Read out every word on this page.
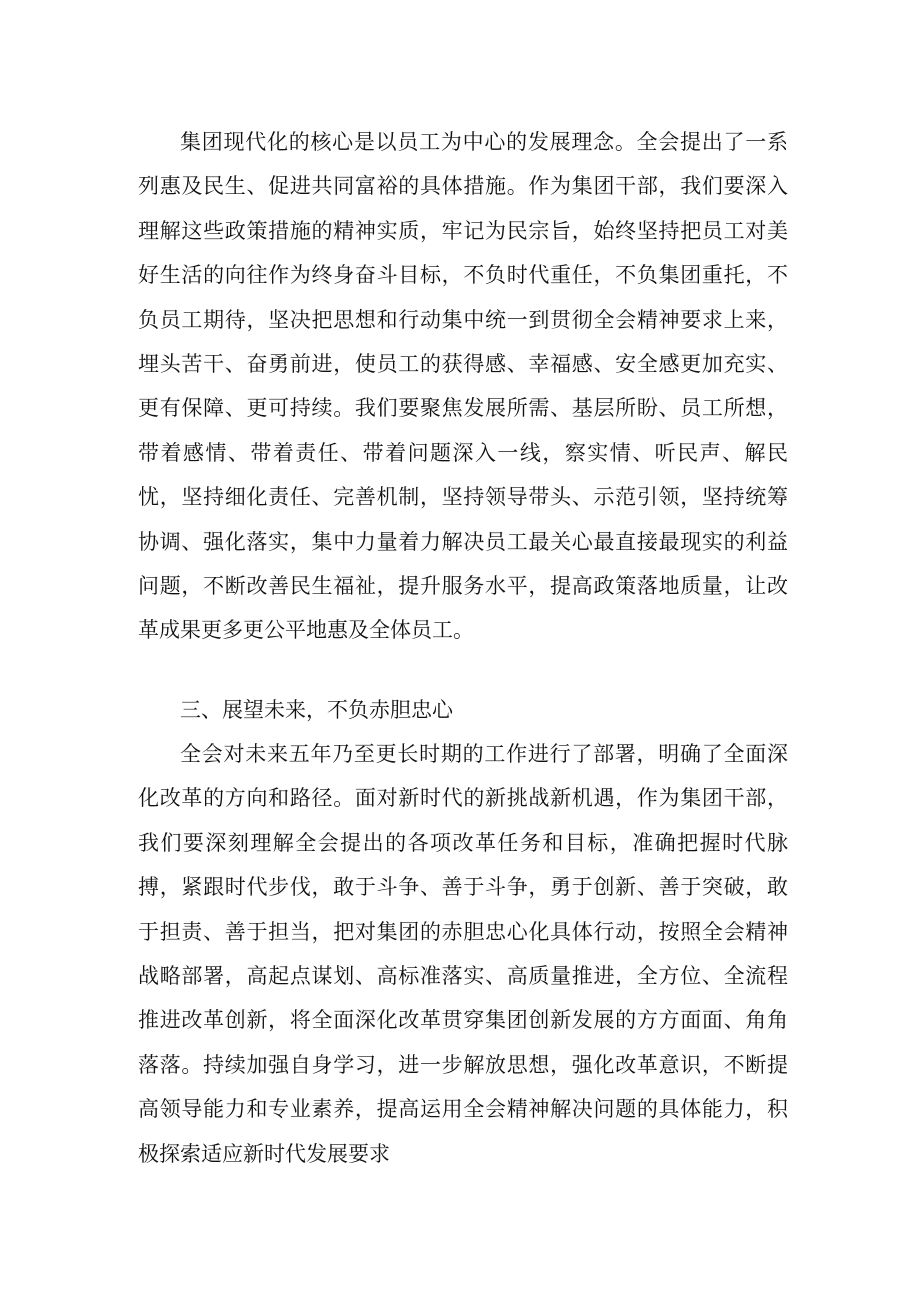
集团现代化的核心是以员工为中心的发展理念。全会提出了一系列惠及民生、促进共同富裕的具体措施。作为集团干部，我们要深入理解这些政策措施的精神实质，牢记为民宗旨，始终坚持把员工对美好生活的向往作为终身奋斗目标，不负时代重任，不负集团重托，不负员工期待，坚决把思想和行动集中统一到贯彻全会精神要求上来，埋头苦干、奋勇前进，使员工的获得感、幸福感、安全感更加充实、更有保障、更可持续。我们要聚焦发展所需、基层所盼、员工所想，带着感情、带着责任、带着问题深入一线，察实情、听民声、解民忧，坚持细化责任、完善机制，坚持领导带头、示范引领，坚持统筹协调、强化落实，集中力量着力解决员工最关心最直接最现实的利益问题，不断改善民生福祉，提升服务水平，提高政策落地质量，让改革成果更多更公平地惠及全体员工。

三、展望未来，不负赤胆忠心

全会对未来五年乃至更长时期的工作进行了部署，明确了全面深化改革的方向和路径。面对新时代的新挑战新机遇，作为集团干部，我们要深刻理解全会提出的各项改革任务和目标，准确把握时代脉搏，紧跟时代步伐，敢于斗争、善于斗争，勇于创新、善于突破，敢于担责、善于担当，把对集团的赤胆忠心化具体行动，按照全会精神战略部署，高起点谋划、高标准落实、高质量推进，全方位、全流程推进改革创新，将全面深化改革贯穿集团创新发展的方方面面、角角落落。持续加强自身学习，进一步解放思想，强化改革意识，不断提高领导能力和专业素养，提高运用全会精神解决问题的具体能力，积极探索适应新时代发展要求
